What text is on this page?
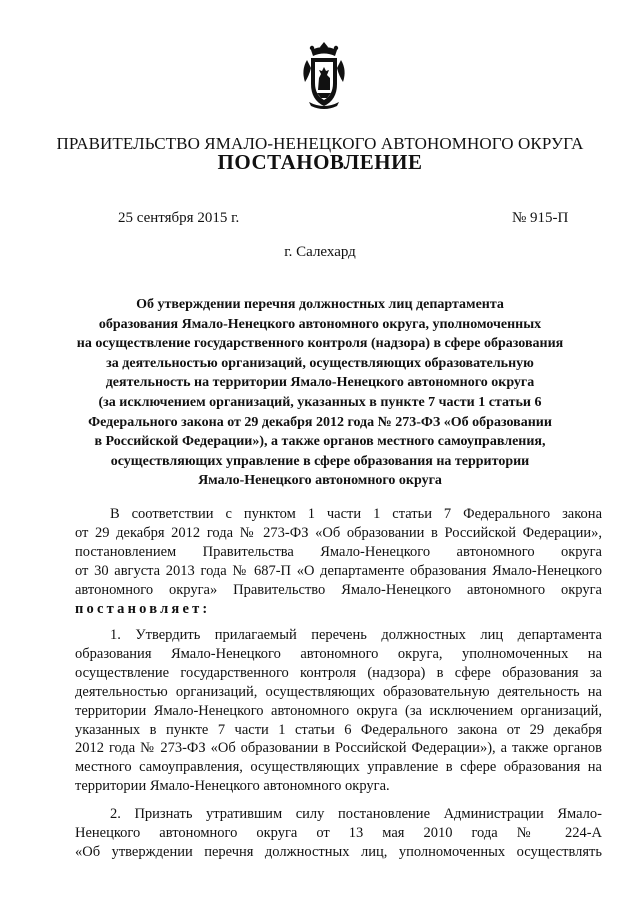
ПРАВИТЕЛЬСТВО ЯМАЛО-НЕНЕЦКОГО АВТОНОМНОГО ОКРУГА
ПОСТАНОВЛЕНИЕ
25 сентября 2015 г.	№ 915-П
г. Салехард
Об утверждении перечня должностных лиц департамента
образования Ямало-Ненецкого автономного округа, уполномоченных
на осуществление государственного контроля (надзора) в сфере образования
за деятельностью организаций, осуществляющих образовательную
деятельность на территории Ямало-Ненецкого автономного округа
(за исключением организаций, указанных в пункте 7 части 1 статьи 6
Федерального закона от 29 декабря 2012 года № 273-ФЗ «Об образовании
в Российской Федерации»), а также органов местного самоуправления,
осуществляющих управление в сфере образования на территории
Ямало-Ненецкого автономного округа
В соответствии с пунктом 1 части 1 статьи 7 Федерального закона
от 29 декабря 2012 года № 273-ФЗ «Об образовании в Российской Федерации»,
постановлением Правительства Ямало-Ненецкого автономного округа
от 30 августа 2013 года № 687-П «О департаменте образования Ямало-Ненецкого
автономного округа» Правительство Ямало-Ненецкого автономного округа
постановляет:
1. Утвердить прилагаемый перечень должностных лиц департамента
образования Ямало-Ненецкого автономного округа, уполномоченных на
осуществление государственного контроля (надзора) в сфере образования за
деятельностью организаций, осуществляющих образовательную деятельность на
территории Ямало-Ненецкого автономного округа (за исключением организаций,
указанных в пункте 7 части 1 статьи 6 Федерального закона от 29 декабря
2012 года № 273-ФЗ «Об образовании в Российской Федерации»), а также органов
местного самоуправления, осуществляющих управление в сфере образования на
территории Ямало-Ненецкого автономного округа.
2. Признать утратившим силу постановление Администрации Ямало-
Ненецкого автономного округа от 13 мая 2010 года № 224-А
«Об утверждении перечня должностных лиц, уполномоченных осуществлять
